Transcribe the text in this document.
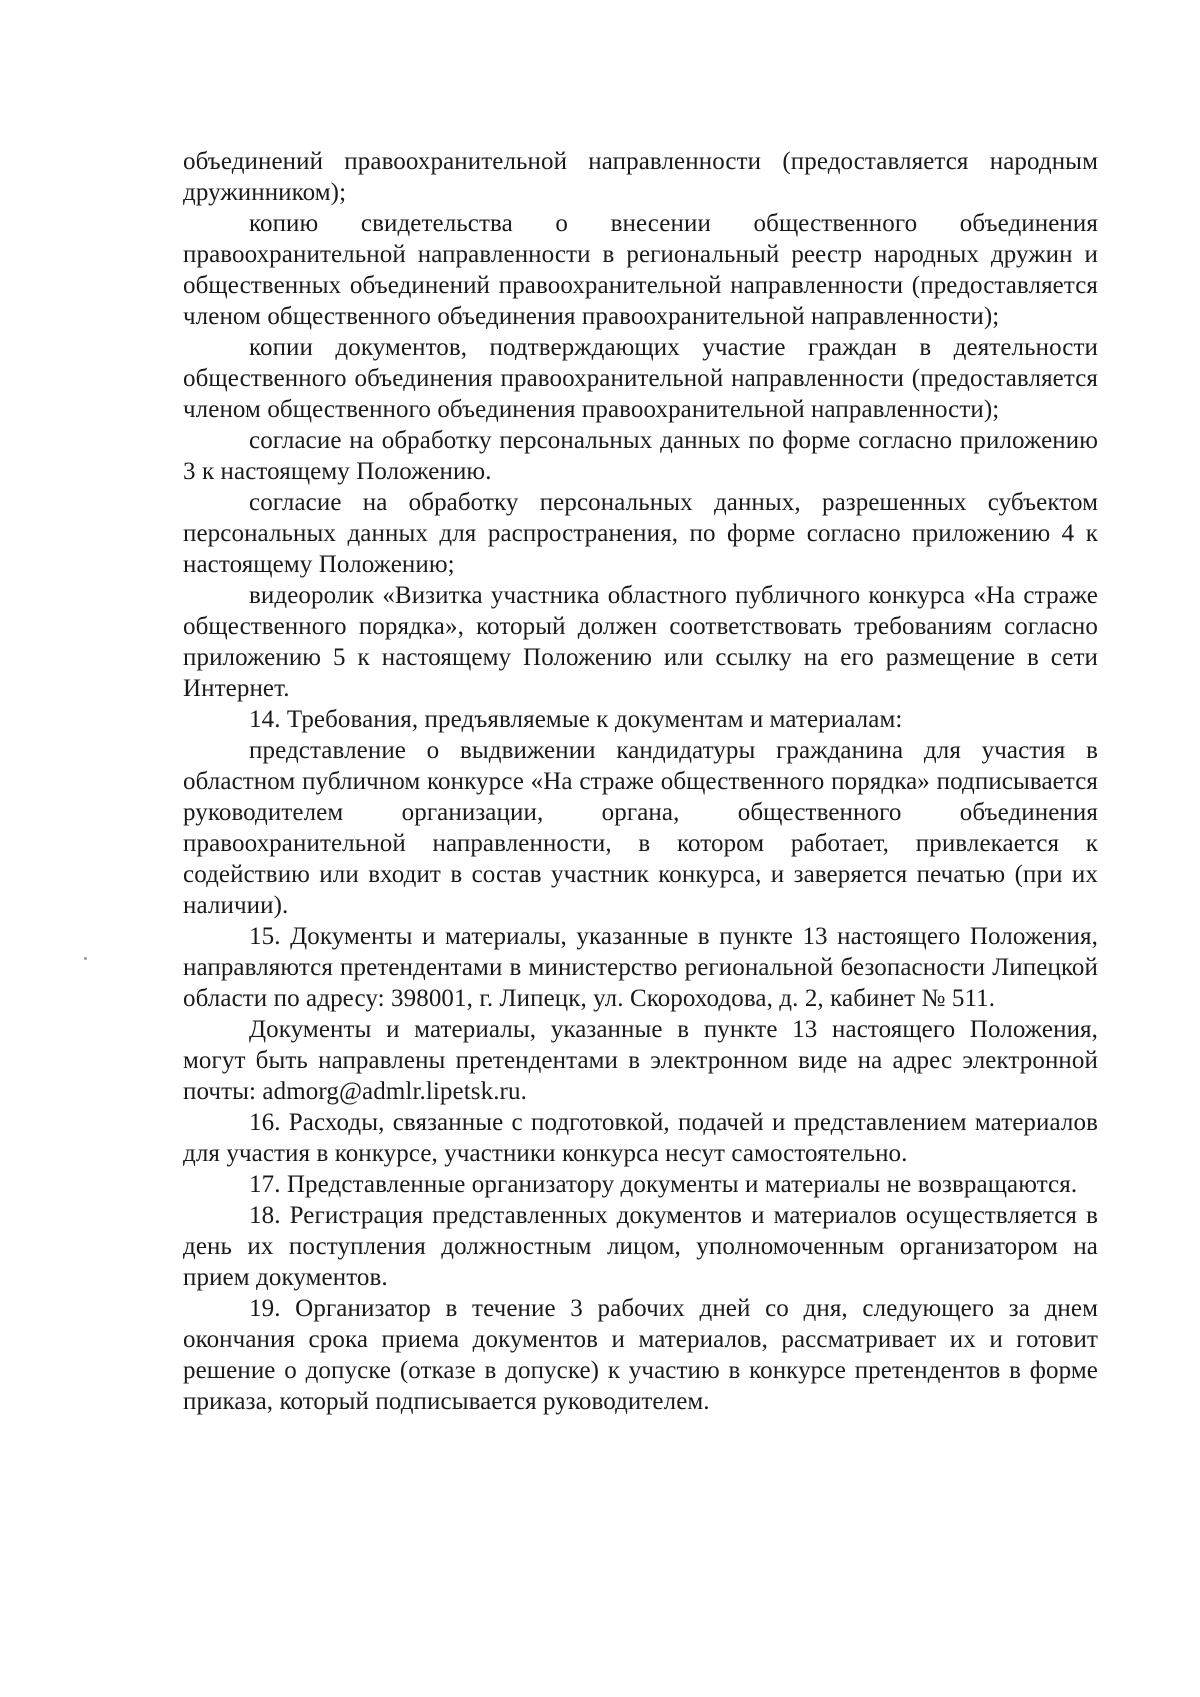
объединений правоохранительной направленности (предоставляется народным дружинником);

копию свидетельства о внесении общественного объединения правоохранительной направленности в региональный реестр народных дружин и общественных объединений правоохранительной направленности (предоставляется членом общественного объединения правоохранительной направленности);

копии документов, подтверждающих участие граждан в деятельности общественного объединения правоохранительной направленности (предоставляется членом общественного объединения правоохранительной направленности);

согласие на обработку персональных данных по форме согласно приложению 3 к настоящему Положению.

согласие на обработку персональных данных, разрешенных субъектом персональных данных для распространения, по форме согласно приложению 4 к настоящему Положению;

видеоролик «Визитка участника областного публичного конкурса «На страже общественного порядка», который должен соответствовать требованиям согласно приложению 5 к настоящему Положению или ссылку на его размещение в сети Интернет.

14. Требования, предъявляемые к документам и материалам:

представление о выдвижении кандидатуры гражданина для участия в областном публичном конкурсе «На страже общественного порядка» подписывается руководителем организации, органа, общественного объединения правоохранительной направленности, в котором работает, привлекается к содействию или входит в состав участник конкурса, и заверяется печатью (при их наличии).

15. Документы и материалы, указанные в пункте 13 настоящего Положения, направляются претендентами в министерство региональной безопасности Липецкой области по адресу: 398001, г. Липецк, ул. Скороходова, д. 2, кабинет № 511.

Документы и материалы, указанные в пункте 13 настоящего Положения, могут быть направлены претендентами в электронном виде на адрес электронной почты: admorg@admlr.lipetsk.ru.

16. Расходы, связанные с подготовкой, подачей и представлением материалов для участия в конкурсе, участники конкурса несут самостоятельно.

17. Представленные организатору документы и материалы не возвращаются.

18. Регистрация представленных документов и материалов осуществляется в день их поступления должностным лицом, уполномоченным организатором на прием документов.

19. Организатор в течение 3 рабочих дней со дня, следующего за днем окончания срока приема документов и материалов, рассматривает их и готовит решение о допуске (отказе в допуске) к участию в конкурсе претендентов в форме приказа, который подписывается руководителем.
